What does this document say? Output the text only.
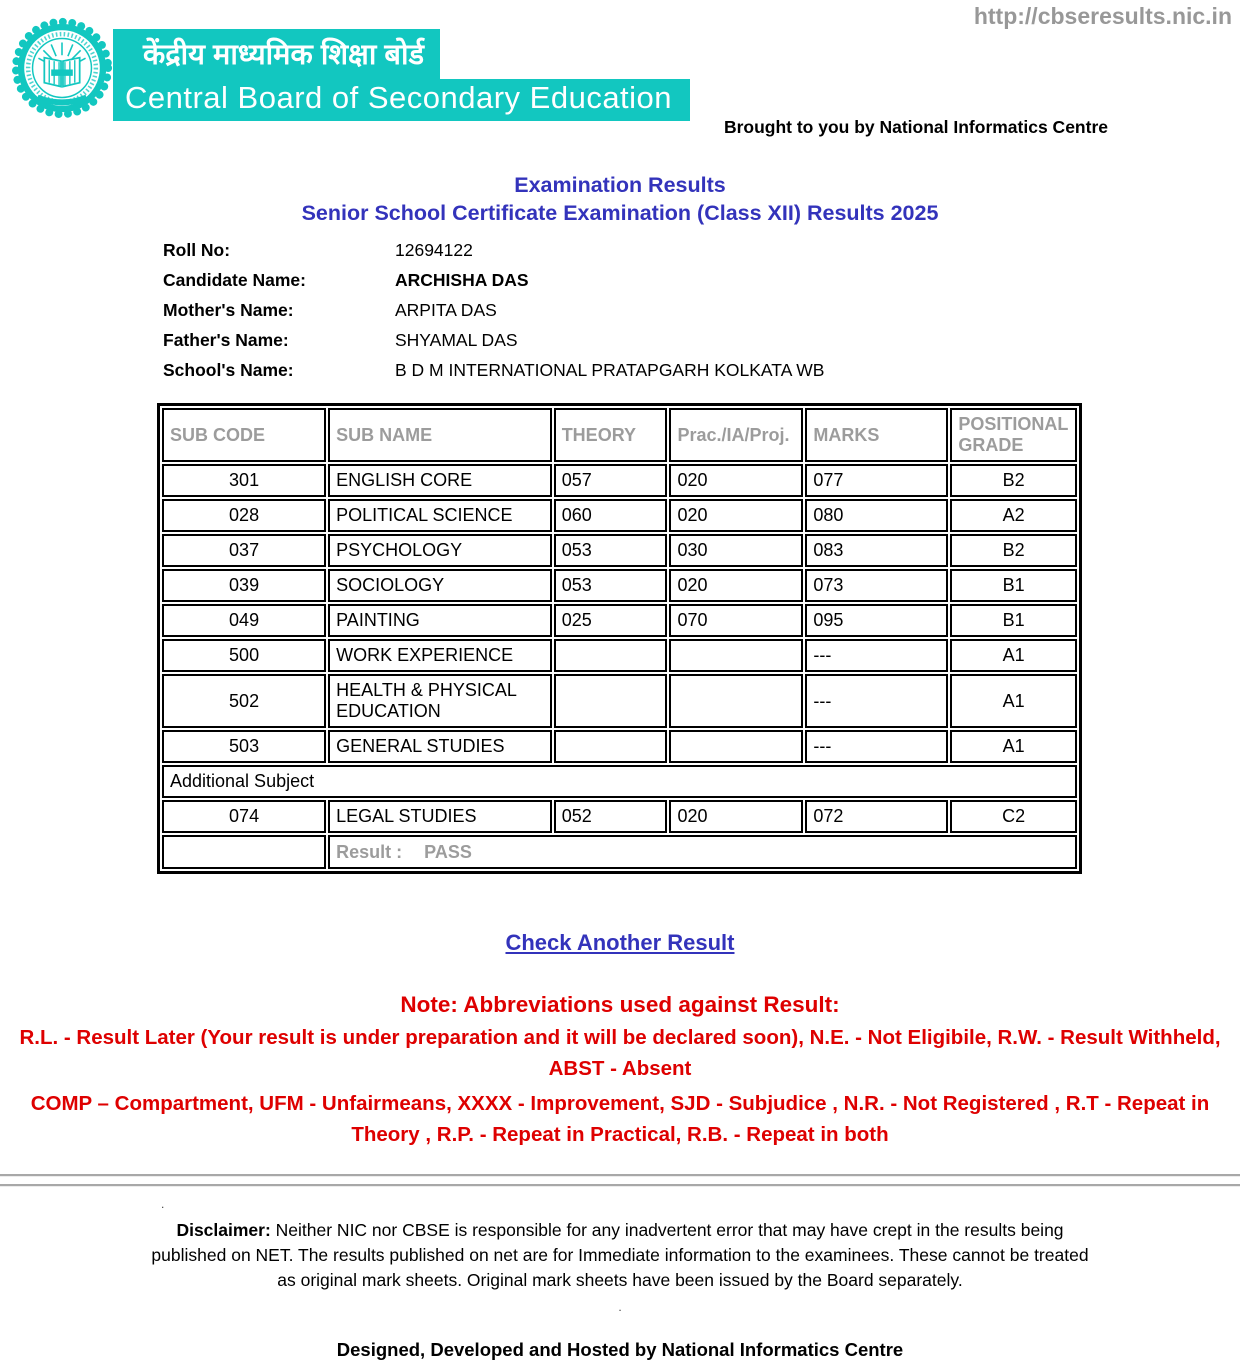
केंद्रीय माध्यमिक शिक्षा बोर्ड
Central Board of Secondary Education
http://cbseresults.nic.in
Brought to you by National Informatics Centre
Examination Results
Senior School Certificate Examination (Class XII) Results 2025
Roll No:	12694122
Candidate Name:	ARCHISHA DAS
Mother's Name:	ARPITA DAS
Father's Name:	SHYAMAL DAS
School's Name:	B D M INTERNATIONAL PRATAPGARH KOLKATA WB
SUB CODE	SUB NAME	THEORY	Prac./IA/Proj.	MARKS	POSITIONAL GRADE
301	ENGLISH CORE	057	020	077	B2
028	POLITICAL SCIENCE	060	020	080	A2
037	PSYCHOLOGY	053	030	083	B2
039	SOCIOLOGY	053	020	073	B1
049	PAINTING	025	070	095	B1
500	WORK EXPERIENCE			---	A1
502	HEALTH & PHYSICAL EDUCATION			---	A1
503	GENERAL STUDIES			---	A1
Additional Subject					
074	LEGAL STUDIES	052	020	072	C2
	Result : PASS				
Check Another Result
Note: Abbreviations used against Result:
R.L. - Result Later (Your result is under preparation and it will be declared soon), N.E. - Not Eligibile, R.W. - Result Withheld, ABST - Absent
COMP – Compartment, UFM - Unfairmeans, XXXX - Improvement, SJD - Subjudice , N.R. - Not Registered , R.T - Repeat in Theory , R.P. - Repeat in Practical, R.B. - Repeat in both
.
Disclaimer: Neither NIC nor CBSE is responsible for any inadvertent error that may have crept in the results being published on NET. The results published on net are for Immediate information to the examinees. These cannot be treated as original mark sheets. Original mark sheets have been issued by the Board separately.
.
Designed, Developed and Hosted by National Informatics Centre
